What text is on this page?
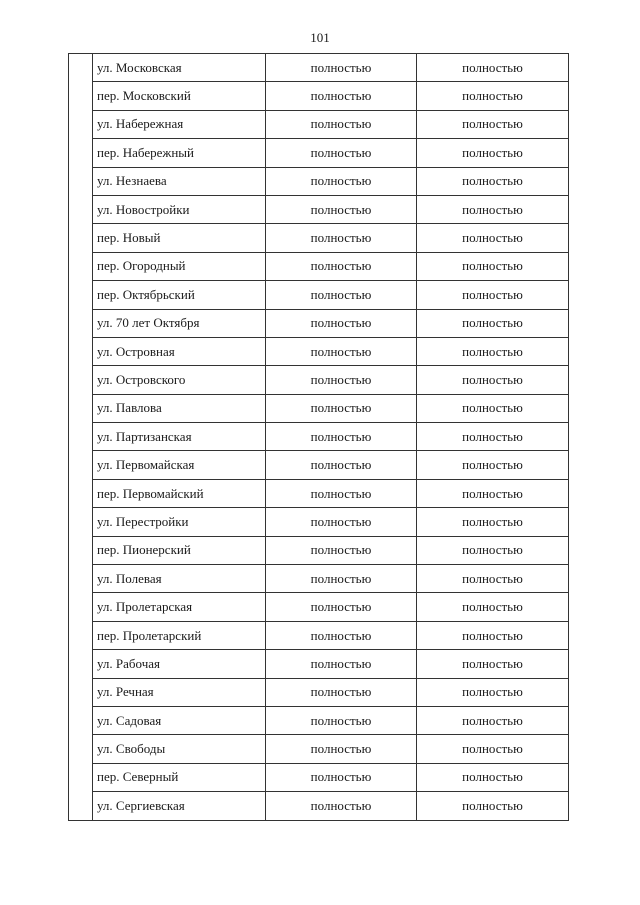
101
	ул. Московская	полностью	полностью
	пер. Московский	полностью	полностью
	ул. Набережная	полностью	полностью
	пер. Набережный	полностью	полностью
	ул. Незнаева	полностью	полностью
	ул. Новостройки	полностью	полностью
	пер. Новый	полностью	полностью
	пер. Огородный	полностью	полностью
	пер. Октябрьский	полностью	полностью
	ул. 70 лет Октября	полностью	полностью
	ул. Островная	полностью	полностью
	ул. Островского	полностью	полностью
	ул. Павлова	полностью	полностью
	ул. Партизанская	полностью	полностью
	ул. Первомайская	полностью	полностью
	пер. Первомайский	полностью	полностью
	ул. Перестройки	полностью	полностью
	пер. Пионерский	полностью	полностью
	ул. Полевая	полностью	полностью
	ул. Пролетарская	полностью	полностью
	пер. Пролетарский	полностью	полностью
	ул. Рабочая	полностью	полностью
	ул. Речная	полностью	полностью
	ул. Садовая	полностью	полностью
	ул. Свободы	полностью	полностью
	пер. Северный	полностью	полностью
	ул. Сергиевская	полностью	полностью
